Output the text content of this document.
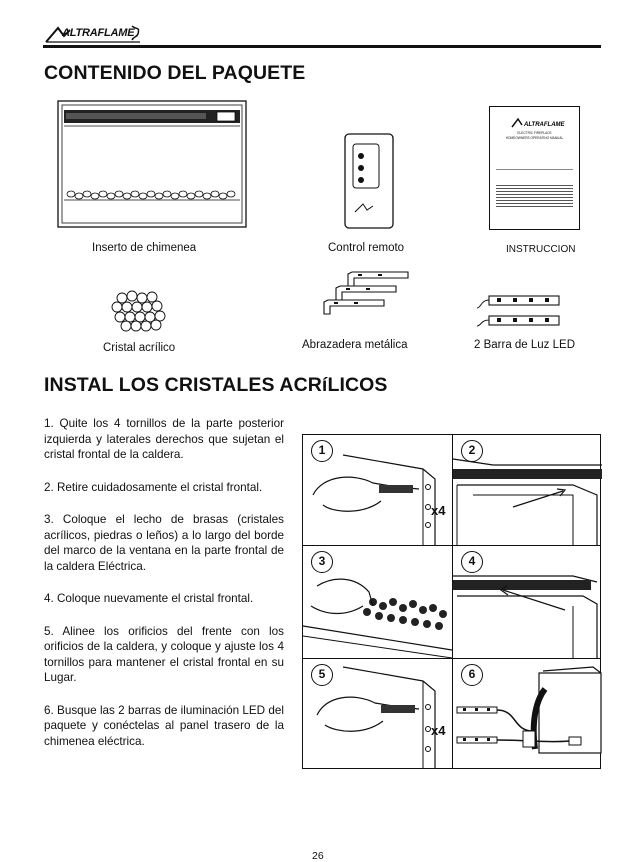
ALTRAFLAME
CONTENIDO DEL PAQUETE
Inserto de chimenea	Control remoto
ALTRAFLAME
ELECTRIC FIREPLACE
HOMEOWNERS OPERATING MANUAL
INSTRUCCION
Cristal acrílico	Abrazadera metálica	2 Barra de Luz LED
INSTAL LOS CRISTALES ACRíLICOS

1. Quite los 4 tornillos de la parte posterior izquierda y laterales derechos que sujetan el cristal frontal de la caldera.

2. Retire cuidadosamente el cristal frontal.

3. Coloque el lecho de brasas (cristales acrílicos, piedras o leños) a lo largo del borde del marco de la ventana en la parte frontal de la caldera Eléctrica.

4. Coloque nuevamente el cristal frontal.

5. Alinee los orificios del frente con los orificios de la caldera, y coloque y ajuste los 4 tornillos para mantener el cristal frontal en su Lugar.

6. Busque las 2 barras de iluminación LED del paquete y conéctelas al panel trasero de la chimenea eléctrica.

1
x4
2
3	4
5
x4
6
26
